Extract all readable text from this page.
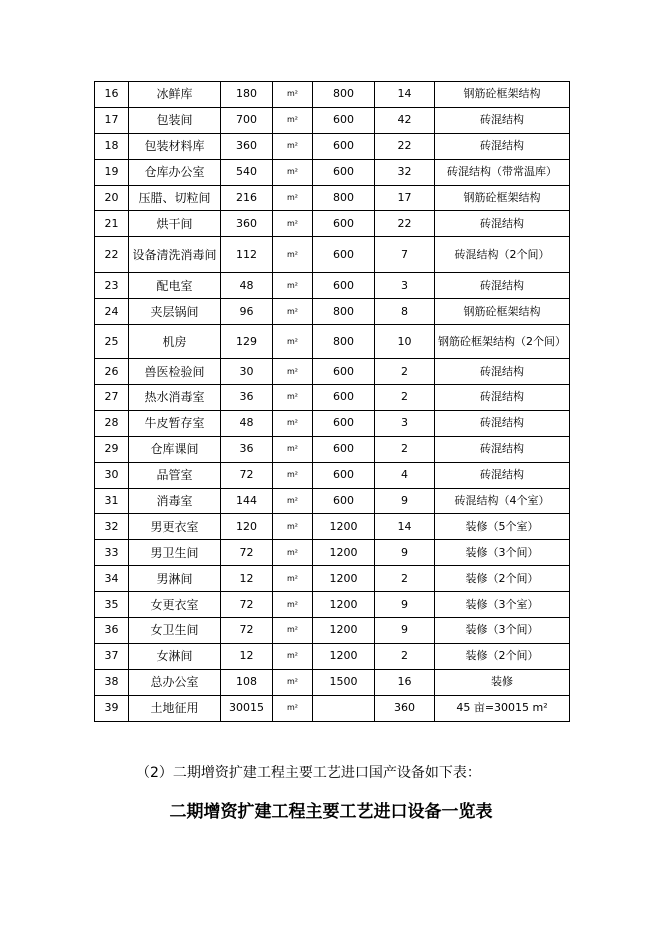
16	冰鲜库	180	m²	800	14	钢筋砼框架结构
17	包装间	700	m²	600	42	砖混结构
18	包装材料库	360	m²	600	22	砖混结构
19	仓库办公室	540	m²	600	32	砖混结构（带常温库）
20	压腊、切粒间	216	m²	800	17	钢筋砼框架结构
21	烘干间	360	m²	600	22	砖混结构
22	设备清洗消毒间	112	m²	600	7	砖混结构（2个间）
23	配电室	48	m²	600	3	砖混结构
24	夹层锅间	96	m²	800	8	钢筋砼框架结构
25	机房	129	m²	800	10	钢筋砼框架结构（2个间）
26	兽医检验间	30	m²	600	2	砖混结构
27	热水消毒室	36	m²	600	2	砖混结构
28	牛皮暂存室	48	m²	600	3	砖混结构
29	仓库课间	36	m²	600	2	砖混结构
30	品管室	72	m²	600	4	砖混结构
31	消毒室	144	m²	600	9	砖混结构（4个室）
32	男更衣室	120	m²	1200	14	装修（5个室）
33	男卫生间	72	m²	1200	9	装修（3个间）
34	男淋间	12	m²	1200	2	装修（2个间）
35	女更衣室	72	m²	1200	9	装修（3个室）
36	女卫生间	72	m²	1200	9	装修（3个间）
37	女淋间	12	m²	1200	2	装修（2个间）
38	总办公室	108	m²	1500	16	装修
39	土地征用	30015	m²		360	45 亩=30015 m²
（2）二期增资扩建工程主要工艺进口国产设备如下表：
二期增资扩建工程主要工艺进口设备一览表
